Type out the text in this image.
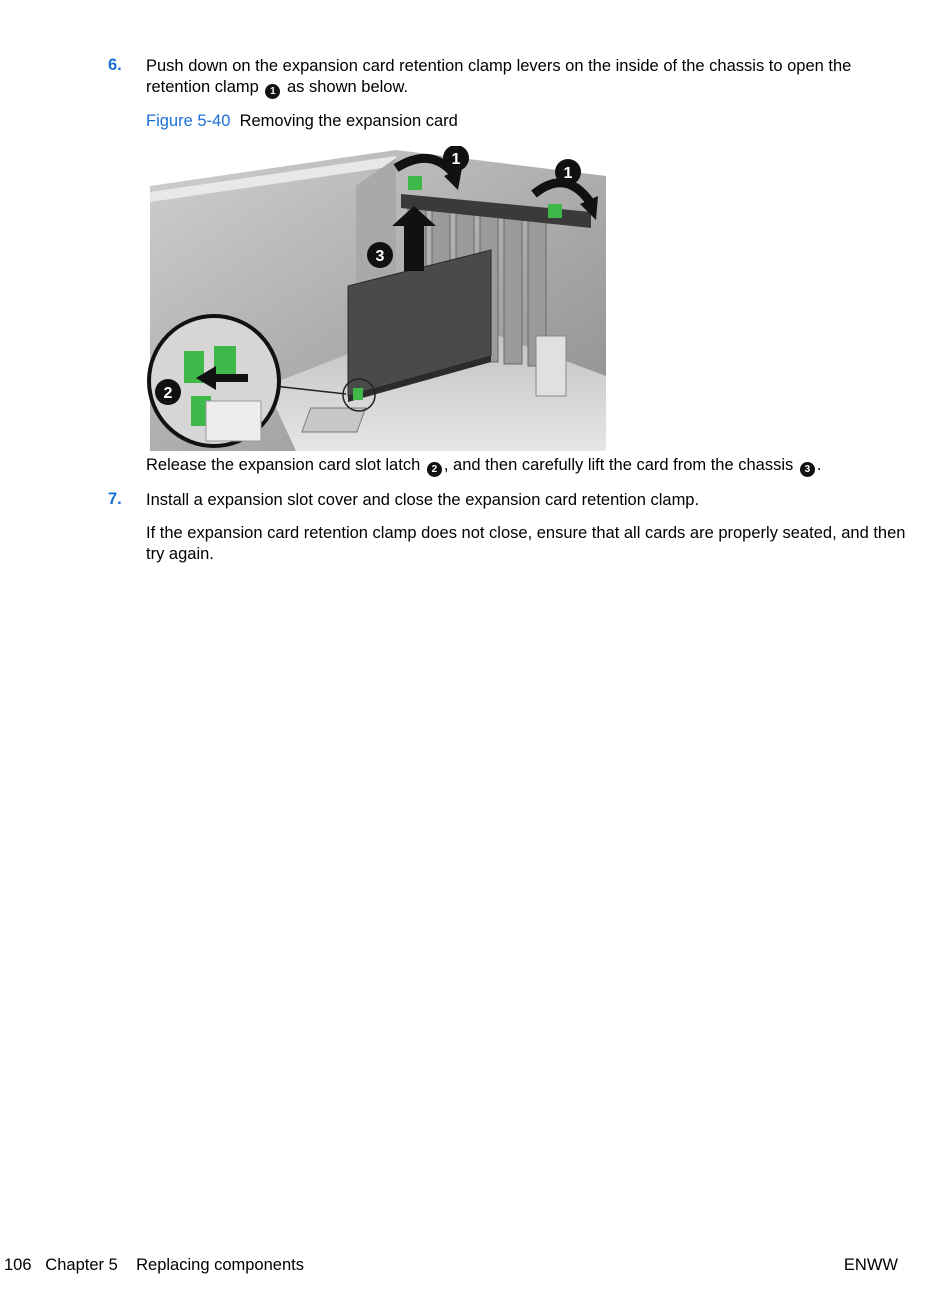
6. Push down on the expansion card retention clamp levers on the inside of the chassis to open the retention clamp 1 as shown below.
Figure 5-40 Removing the expansion card
3
1
1
2
Release the expansion card slot latch 2 , and then carefully lift the card from the chassis 3 .
7. Install a expansion slot cover and close the expansion card retention clamp.
If the expansion card retention clamp does not close, ensure that all cards are properly seated, and then try again.
106 Chapter 5 Replacing components	ENWW
